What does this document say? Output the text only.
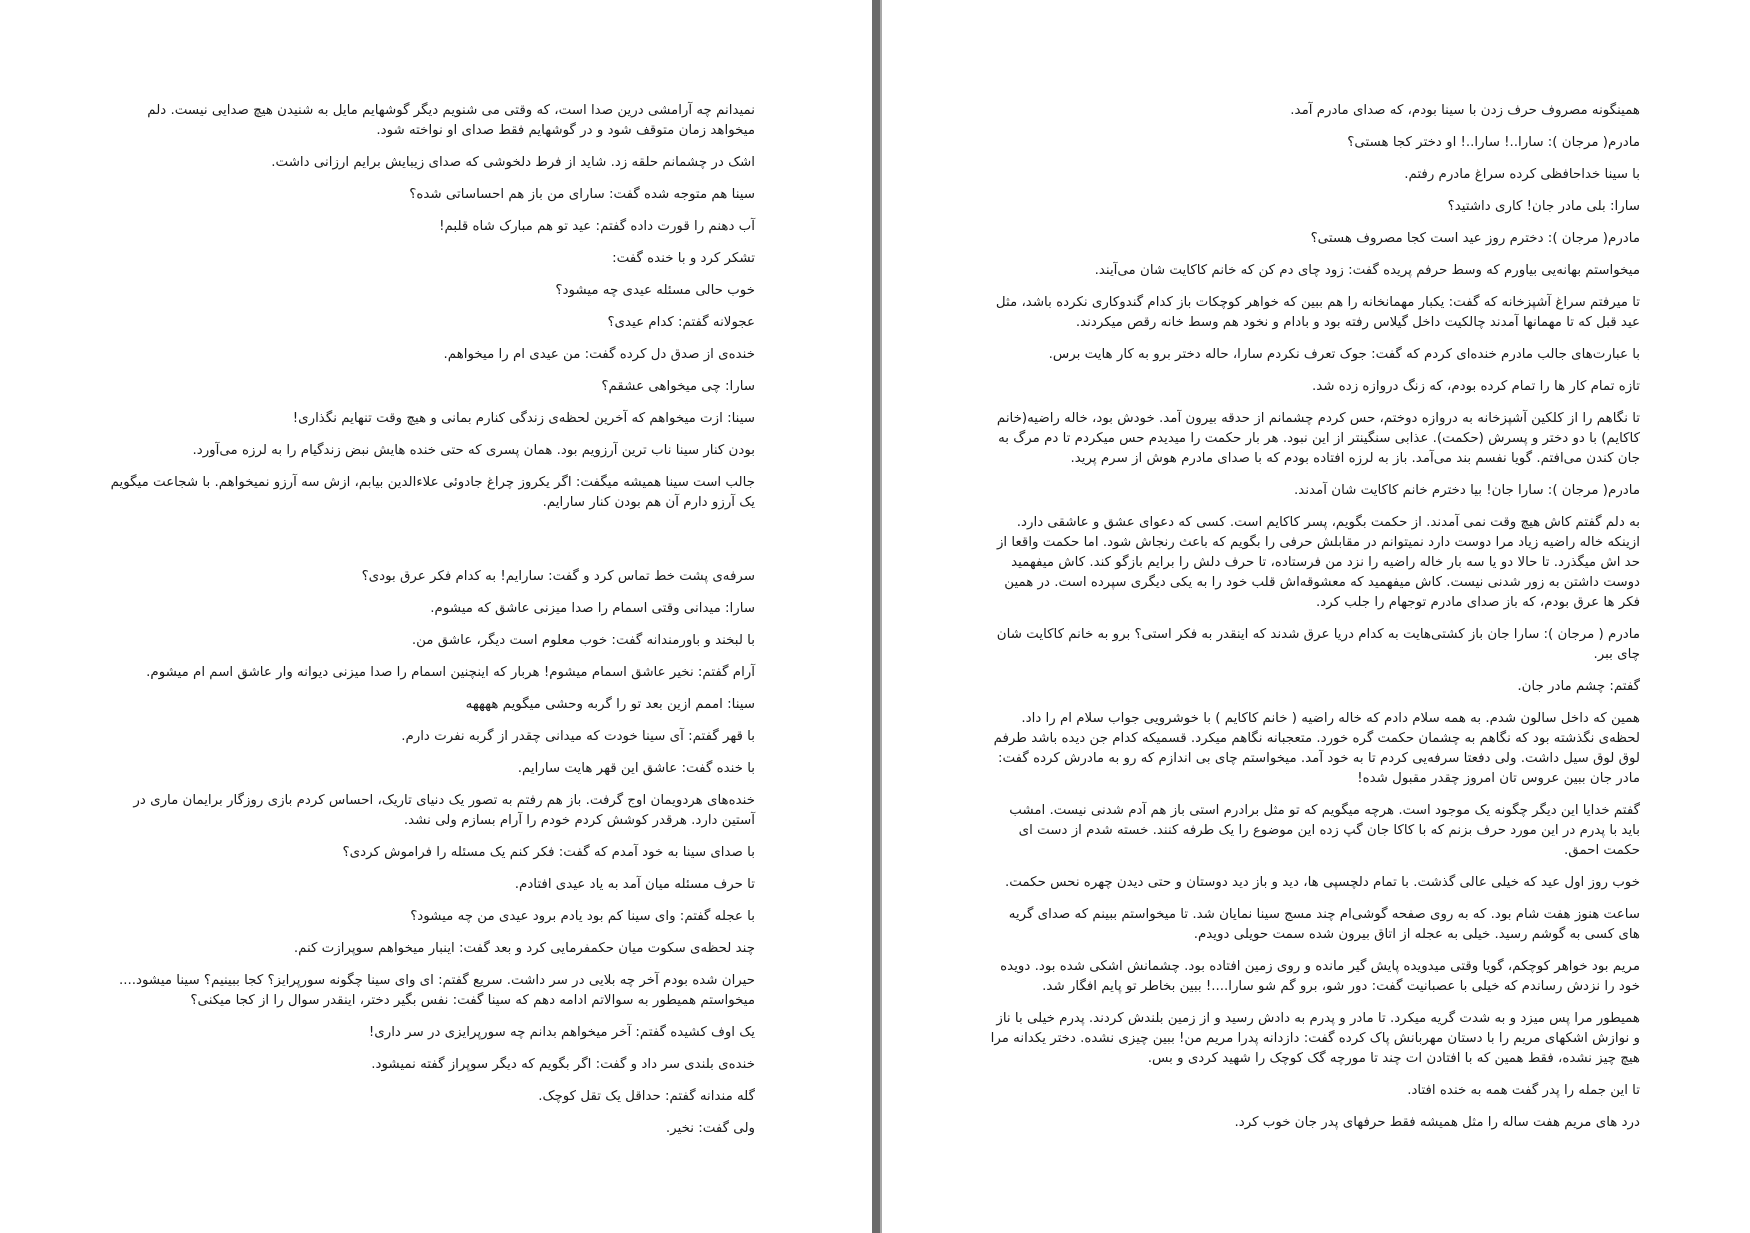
نمیدانم چه آرامشی درین صدا است، که وقتی می شنویم دیگر گوشهایم مایل به شنیدن هیچ صدایی نیست. دلم میخواهد زمان متوقف شود و در گوشهایم فقط صدای او نواخته شود.

اشک در چشمانم حلقه زد. شاید از فرط دلخوشی که صدای زیبایش برایم ارزانی داشت.

سینا هم متوجه شده گفت: سارای من باز هم احساساتی شده؟

آب دهنم را قورت داده گفتم: عید تو هم مبارک شاه قلبم!

تشکر کرد و با خنده گفت:

خوب حالی مسئله عیدی چه میشود؟

عجولانه گفتم: کدام عیدی؟

خنده‌ی از صدق دل کرده گفت: من عیدی ام را میخواهم.

سارا: چی میخواهی عشقم؟

سینا: ازت میخواهم که آخرین لحظه‌ی زندگی کنارم بمانی و هیچ وقت تنهایم نگذاری!

بودن کنار سینا ناب ترین آرزویم بود. همان پسری که حتی خنده هایش نبض زندگیام را به لرزه می‌آورد.

جالب است سینا همیشه میگفت: اگر یکروز چراغ جادوئی علاءالدین بیابم، ازش سه آرزو نمیخواهم. با شجاعت میگویم یک آرزو دارم آن هم بودن کنار سارایم.

سرفه‌ی پشت خط تماس کرد و گفت: سارایم! به کدام فکر عرق بودی؟

سارا: میدانی وقتی اسمام را صدا میزنی عاشق که میشوم.

با لبخند و باورمندانه گفت: خوب معلوم است دیگر، عاشق من.

آرام گفتم: نخیر عاشق اسمام میشوم! هربار که اینچنین اسمام را صدا میزنی دیوانه وار عاشق اسم ام میشوم.

سینا: اممم ازین بعد تو را گربه وحشی میگویم ههههه

با قهر گفتم: آی سینا خودت که میدانی چقدر از گربه نفرت دارم.

با خنده گفت: عاشق این قهر هایت سارایم.

خنده‌های هردویمان اوج گرفت. باز هم رفتم به تصور یک دنیای تاریک، احساس کردم بازی روزگار برایمان ماری در آستین دارد. هرقدر کوشش کردم خودم را آرام بسازم ولی نشد.

با صدای سینا به خود آمدم که گفت: فکر کنم یک مسئله را فراموش کردی؟

تا حرف مسئله میان آمد به یاد عیدی افتادم.

با عجله گفتم: وای سینا کم بود یادم برود عیدی من چه میشود؟

چند لحظه‌ی سکوت میان حکمفرمایی کرد و بعد گفت: اینبار میخواهم سوپرازت کنم.

حیران شده بودم آخر چه بلایی در سر داشت. سریع گفتم: ای وای سینا چگونه سورپرایز؟ کجا ببینیم؟ سینا میشود.... میخواستم همیطور به سوالاتم ادامه دهم که سینا گفت: نفس بگیر دختر، اینقدر سوال را از کجا میکنی؟

یک اوف کشیده گفتم: آخر میخواهم بدانم چه سورپرایزی در سر داری!

خنده‌ی بلندی سر داد و گفت: اگر بگویم که دیگر سوپراز گفته نمیشود.

گله مندانه گفتم: حداقل یک تقل کوچک.

ولی گفت: نخیر.

همینگونه مصروف حرف زدن با سینا بودم، که صدای مادرم آمد.

مادرم( مرجان ): سارا..! سارا..! او دختر کجا هستی؟

با سینا خداحافظی کرده سراغ مادرم رفتم.

سارا: بلی مادر جان! کاری داشتید؟

مادرم( مرجان ): دخترم روز عید است کجا مصروف هستی؟

میخواستم بهانه‌یی بیاورم که وسط حرفم پریده گفت: زود چای دم کن که خانم کاکایت شان می‌آیند.

تا میرفتم سراغ آشپزخانه که گفت: یکبار مهمانخانه را هم ببین که خواهر کوچکات باز کدام گندوکاری نکرده باشد، مثل عید قبل که تا مهمانها آمدند چالکیت داخل گیلاس رفته بود و بادام و نخود هم وسط خانه رقص میکردند.

با عبارت‌های جالب مادرم خنده‌ای کردم که گفت: جوک تعرف نکردم سارا، حاله دختر برو به کار هایت برس.

تازه تمام کار ها را تمام کرده بودم، که زنگ دروازه زده شد.

تا نگاهم را از کلکین آشپزخانه به دروازه دوختم، حس کردم چشمانم از حدقه بیرون آمد. خودش بود، خاله راضیه(خانم کاکایم) با دو دختر و پسرش (حکمت). عذابی سنگینتر از این نبود. هر بار حکمت را میدیدم حس میکردم تا دم مرگ به جان کندن می‌افتم. گویا نفسم بند می‌آمد. باز به لرزه افتاده بودم که با صدای مادرم هوش از سرم پرید.

مادرم( مرجان ): سارا جان! بیا دخترم خانم کاکایت شان آمدند.

به دلم گفتم کاش هیچ وقت نمی آمدند. از حکمت بگویم، پسر کاکایم است. کسی که دعوای عشق و عاشقی دارد. ازینکه خاله راضیه زیاد مرا دوست دارد نمیتوانم در مقابلش حرفی را بگویم که باعث رنجاش شود. اما حکمت واقعا از حد اش میگذرد. تا حالا دو یا سه بار خاله راضیه را نزد من فرستاده، تا حرف دلش را برایم بازگو کند. کاش میفهمید دوست داشتن به زور شدنی نیست. کاش میفهمید که معشوقه‌اش قلب خود را به یکی دیگری سپرده است. در همین فکر ها عرق بودم، که باز صدای مادرم توجهام را جلب کرد.

مادرم ( مرجان ): سارا جان باز کشتی‌هایت به کدام دریا عرق شدند که اینقدر به فکر استی؟ برو به خانم کاکایت شان چای ببر.

گفتم: چشم مادر جان.

همین که داخل سالون شدم. به همه سلام دادم که خاله راضیه ( خانم کاکایم ) با خوشرویی جواب سلام ام را داد. لحظه‌ی نگذشته بود که نگاهم به چشمان حکمت گره خورد. متعجبانه نگاهم میکرد. قسمیکه کدام جن دیده باشد طرفم لوق لوق سیل داشت. ولی دفعتا سرفه‌یی کردم تا به خود آمد. میخواستم چای بی اندازم که رو به مادرش کرده گفت: مادر جان ببین عروس تان امروز چقدر مقبول شده!

گفتم خدایا این دیگر چگونه یک موجود است. هرچه میگویم که تو مثل برادرم استی باز هم آدم شدنی نیست. امشب باید با پدرم در این مورد حرف بزنم که با کاکا جان گپ زده این موضوع را یک طرفه کنند. خسته شدم از دست ای حکمت احمق.

خوب روز اول عید که خیلی عالی گذشت. با تمام دلچسپی ها، دید و باز دید دوستان و حتی دیدن چهره نحس حکمت.

ساعت هنوز هفت شام بود. که به روی صفحه گوشی‌ام چند مسج سینا نمایان شد. تا میخواستم ببینم که صدای گریه های کسی به گوشم رسید. خیلی به عجله از اتاق بیرون شده سمت حویلی دویدم.

مریم بود خواهر کوچکم، گویا وقتی میدویده پایش گیر مانده و روی زمین افتاده بود. چشمانش اشکی شده بود. دویده خود را نزدش رساندم که خیلی با عصبانیت گفت: دور شو، برو گم شو سارا....! ببین بخاطر تو پایم افگار شد.

همیطور مرا پس میزد و به شدت گریه میکرد. تا مادر و پدرم به دادش رسید و از زمین بلندش کردند. پدرم خیلی با ناز و نوازش اشکهای مریم را با دستان مهربانش پاک کرده گفت: دازدانه پدرا مریم من! ببین چیزی نشده. دختر یکدانه مرا هیچ چیز نشده، فقط همین که با افتادن ات چند تا مورچه گک کوچک را شهید کردی و بس.

تا این جمله را پدر گفت همه به خنده افتاد.

درد های مریم هفت ساله را مثل همیشه فقط حرفهای پدر جان خوب کرد.
